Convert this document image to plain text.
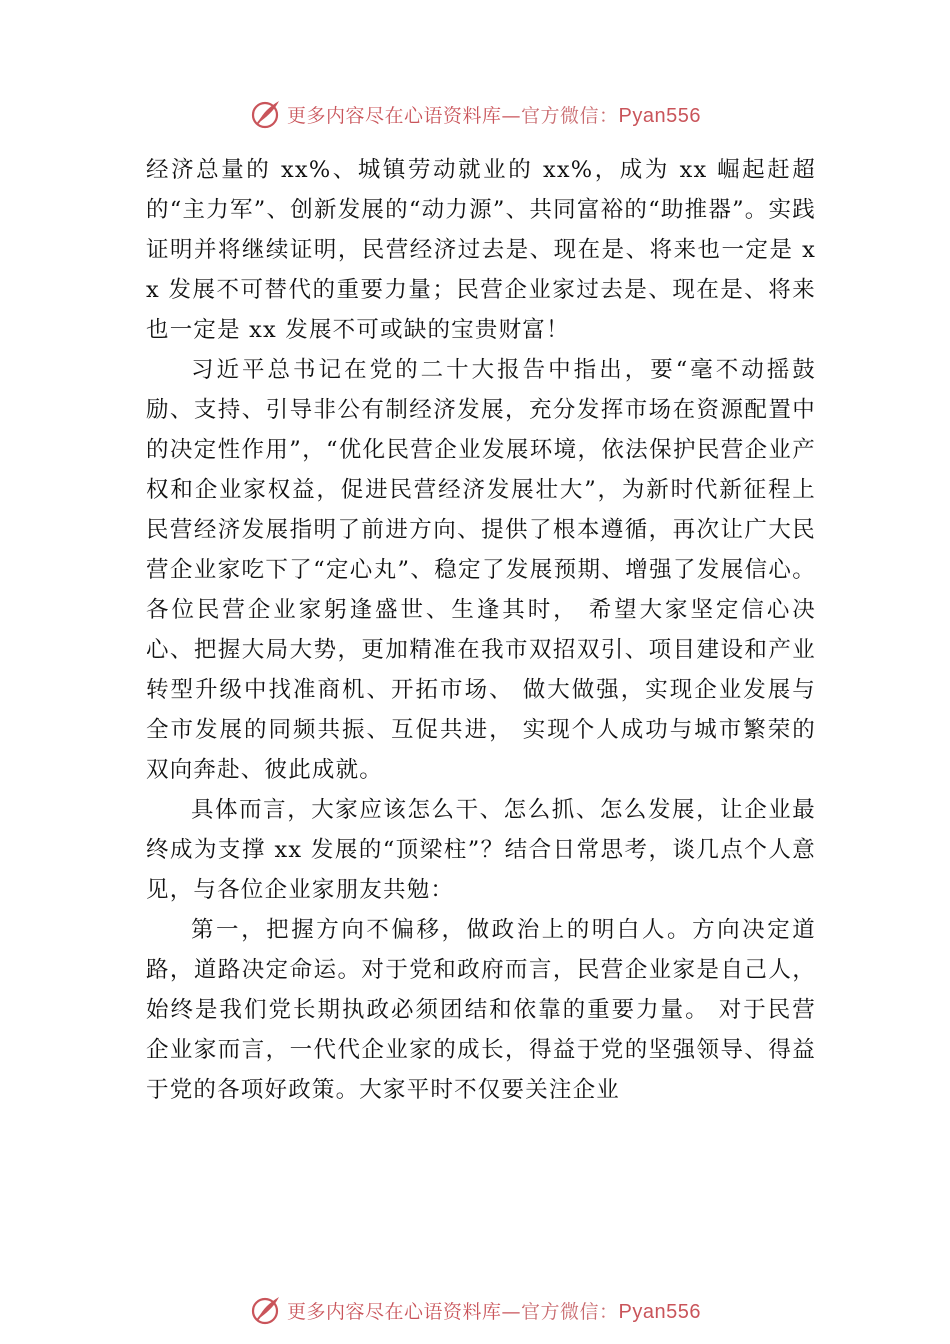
更多内容尽在心语资料库—官方微信：Pyan556

经济总量的 xx%、城镇劳动就业的 xx%，成为 xx 崛起赶超的“主力军”、创新发展的“动力源”、共同富裕的“助推器”。实践证明并将继续证明，民营经济过去是、现在是、将来也一定是 xx 发展不可替代的重要力量；民营企业家过去是、现在是、将来也一定是 xx 发展不可或缺的宝贵财富！

习近平总书记在党的二十大报告中指出，要“毫不动摇鼓励、支持、引导非公有制经济发展，充分发挥市场在资源配置中的决定性作用”，“优化民营企业发展环境，依法保护民营企业产权和企业家权益，促进民营经济发展壮大”，为新时代新征程上民营经济发展指明了前进方向、提供了根本遵循，再次让广大民营企业家吃下了“定心丸”、稳定了发展预期、增强了发展信心。各位民营企业家躬逢盛世、生逢其时， 希望大家坚定信心决心、把握大局大势，更加精准在我市双招双引、项目建设和产业转型升级中找准商机、开拓市场、 做大做强，实现企业发展与全市发展的同频共振、互促共进， 实现个人成功与城市繁荣的双向奔赴、彼此成就。

具体而言，大家应该怎么干、怎么抓、怎么发展，让企业最终成为支撑 xx 发展的“顶梁柱”？结合日常思考，谈几点个人意见，与各位企业家朋友共勉：

第一，把握方向不偏移，做政治上的明白人。方向决定道路，道路决定命运。对于党和政府而言，民营企业家是自己人，始终是我们党长期执政必须团结和依靠的重要力量。 对于民营企业家而言，一代代企业家的成长，得益于党的坚强领导、得益于党的各项好政策。大家平时不仅要关注企业

更多内容尽在心语资料库—官方微信：Pyan556
